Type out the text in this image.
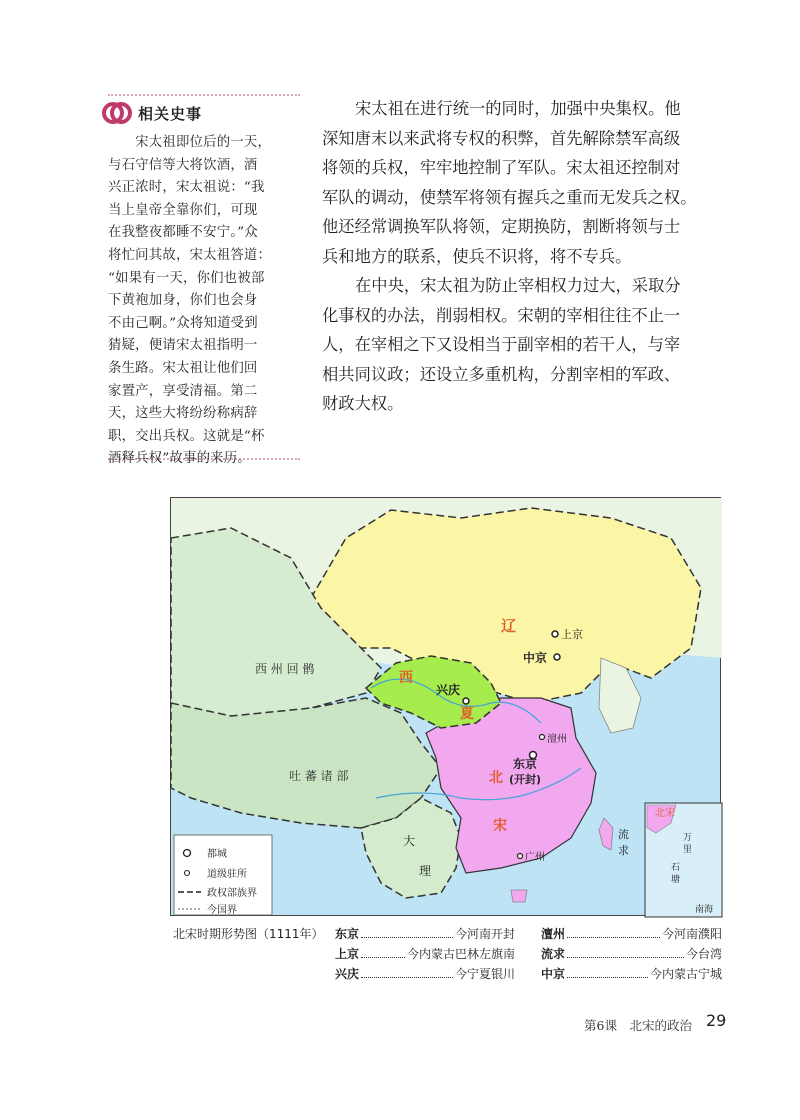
相关史事
　　宋太祖即位后的一天，
与石守信等大将饮酒，酒
兴正浓时，宋太祖说：“我
当上皇帝全靠你们，可现
在我整夜都睡不安宁。”众
将忙问其故，宋太祖答道：
“如果有一天，你们也被部
下黄袍加身，你们也会身
不由己啊。”众将知道受到
猜疑，便请宋太祖指明一
条生路。宋太祖让他们回
家置产，享受清福。第二
天，这些大将纷纷称病辞
职，交出兵权。这就是“杯
酒释兵权”故事的来历。

宋太祖在进行统一的同时，加强中央集权。他
深知唐末以来武将专权的积弊，首先解除禁军高级
将领的兵权，牢牢地控制了军队。宋太祖还控制对
军队的调动，使禁军将领有握兵之重而无发兵之权。
他还经常调换军队将领，定期换防，割断将领与士
兵和地方的联系，使兵不识将，将不专兵。

在中央，宋太祖为防止宰相权力过大，采取分
化事权的办法，削弱相权。宋朝的宰相往往不止一
人，在宰相之下又设相当于副宰相的若干人，与宰
相共同议政；还设立多重机构，分割宰相的军政、
财政大权。

辽	上京
中京
西 州 回 鹘
西
兴庆
夏
吐 蕃 诸 部
澶州
东京
北 (开封)
宋
广州
大
理
流
求
北宋
万
里
石
塘
南海
都城
道级驻所
政权部族界
今国界
北宋时期形势图（1111年） 东京	今河南开封 澶州	今河南濮阳
上京	今内蒙古巴林左旗南 流求	今台湾
兴庆	今宁夏银川 中京	今内蒙古宁城
第6课　北宋的政治 29
